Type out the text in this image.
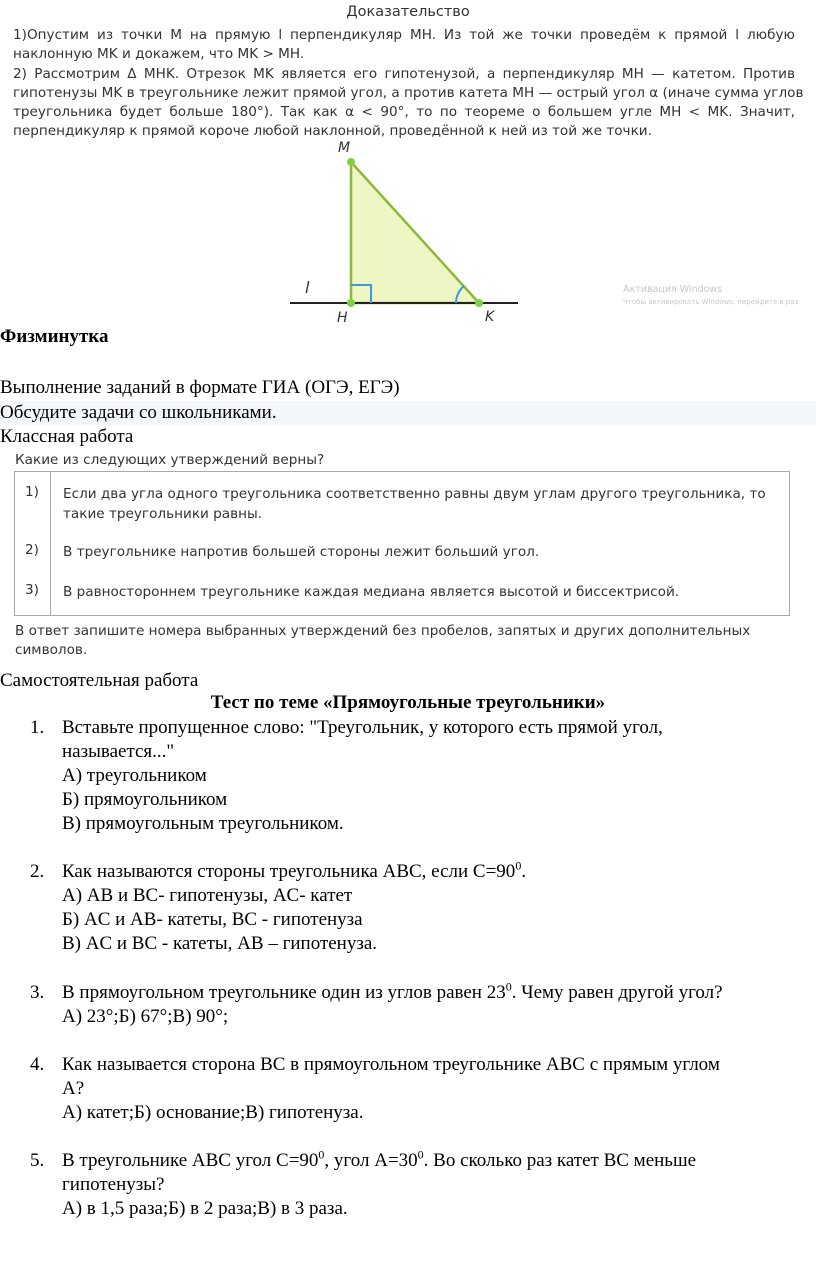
Доказательство
1)Опустим из точки M на прямую l перпендикуляр MH. Из той же точки проведём к прямой l любую
наклонную MK и докажем, что MK > MH.
2) Рассмотрим Δ MHK. Отрезок MK является его гипотенузой, а перпендикуляр MH — катетом. Против
гипотенузы MK в треугольнике лежит прямой угол, а против катета MH — острый угол α (иначе сумма углов
треугольника будет больше 180°). Так как α < 90°, то по теореме о большем угле MH < MK. Значит,
перпендикуляр к прямой короче любой наклонной, проведённой к ней из той же точки.
M
H	K
l	Активация Windows
Чтобы активировать Windows, перейдите в раз
Физминутка
Выполнение заданий в формате ГИА (ОГЭ, ЕГЭ)
Обсудите задачи со школьниками.
Классная работа
Какие из следующих утверждений верны?
1)	Если два угла одного треугольника соответственно равны двум углам другого треугольника, то такие треугольники равны.
2)	В треугольнике напротив большей стороны лежит больший угол.
3)	В равностороннем треугольнике каждая медиана является высотой и биссектрисой.
В ответ запишите номера выбранных утверждений без пробелов, запятых и других дополнительных символов.
Самостоятельная работа
Тест по теме «Прямоугольные треугольники»
1. Вставьте пропущенное слово: "Треугольник, у которого есть прямой угол,
называется..."
А) треугольником
Б) прямоугольником
В) прямоугольным треугольником.
2. Как называются стороны треугольника ABC, если $C=90^0$.
А) AB и BC- гипотенузы, AC- катет
Б) AC и AB- катеты, BC - гипотенуза
В) AC и BC - катеты, AB – гипотенуза.
3. В прямоугольном треугольнике один из углов равен $23^0$. Чему равен другой угол?
А) 23°;Б) 67°;В) 90°;
4. Как называется сторона BC в прямоугольном треугольнике ABC с прямым углом
A?
А) катет;Б) основание;В) гипотенуза.
5. В треугольнике ABC угол $C=90^0$, угол $A=30^0$. Во сколько раз катет BC меньше
гипотенузы?
А) в 1,5 раза;Б) в 2 раза;В) в 3 раза.
